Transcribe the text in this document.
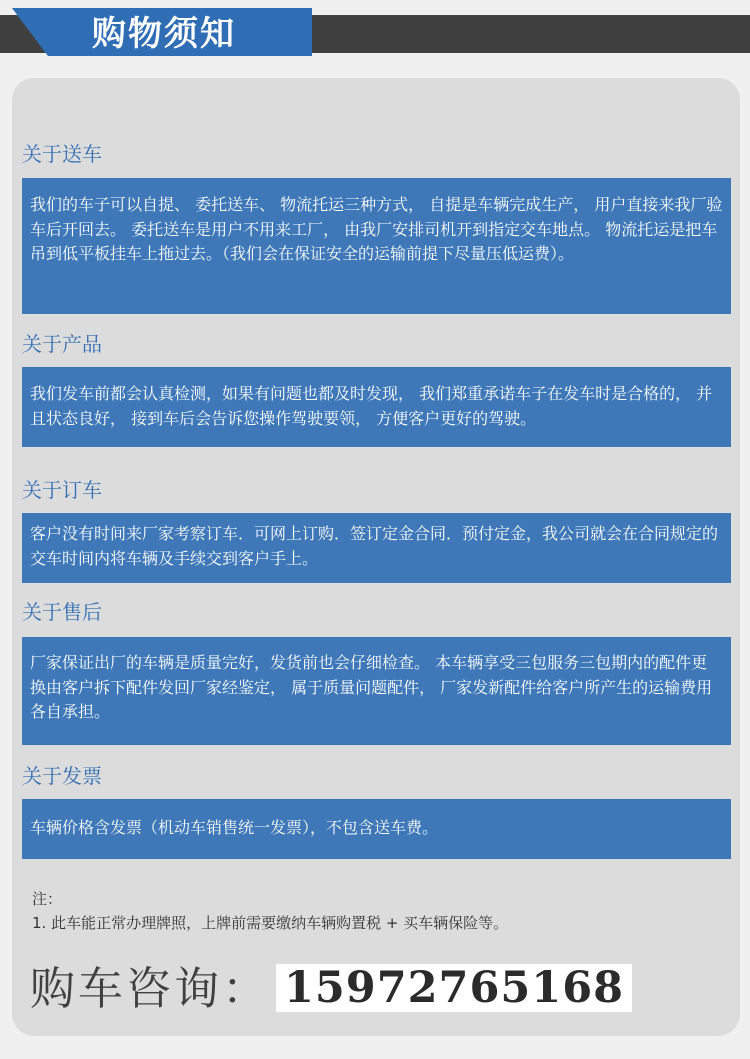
购物须知
关于送车
我们的车子可以自提、 委托送车、 物流托运三种方式， 自提是车辆完成生产， 用户直接来我厂验车后开回去。 委托送车是用户不用来工厂， 由我厂安排司机开到指定交车地点。 物流托运是把车吊到低平板挂车上拖过去。（我们会在保证安全的运输前提下尽量压低运费）。
关于产品
我们发车前都会认真检测，如果有问题也都及时发现， 我们郑重承诺车子在发车时是合格的， 并且状态良好， 接到车后会告诉您操作驾驶要领， 方便客户更好的驾驶。
关于订车
客户没有时间来厂家考察订车．可网上订购．签订定金合同．预付定金，我公司就会在合同规定的交车时间内将车辆及手续交到客户手上。
关于售后
厂家保证出厂的车辆是质量完好，发货前也会仔细检查。 本车辆享受三包服务三包期内的配件更换由客户拆下配件发回厂家经鉴定， 属于质量问题配件， 厂家发新配件给客户所产生的运输费用各自承担。
关于发票
车辆价格含发票（机动车销售统一发票），不包含送车费。
注：
1. 此车能正常办理牌照，上牌前需要缴纳车辆购置税 + 买车辆保险等。
购车咨询： 15972765168
